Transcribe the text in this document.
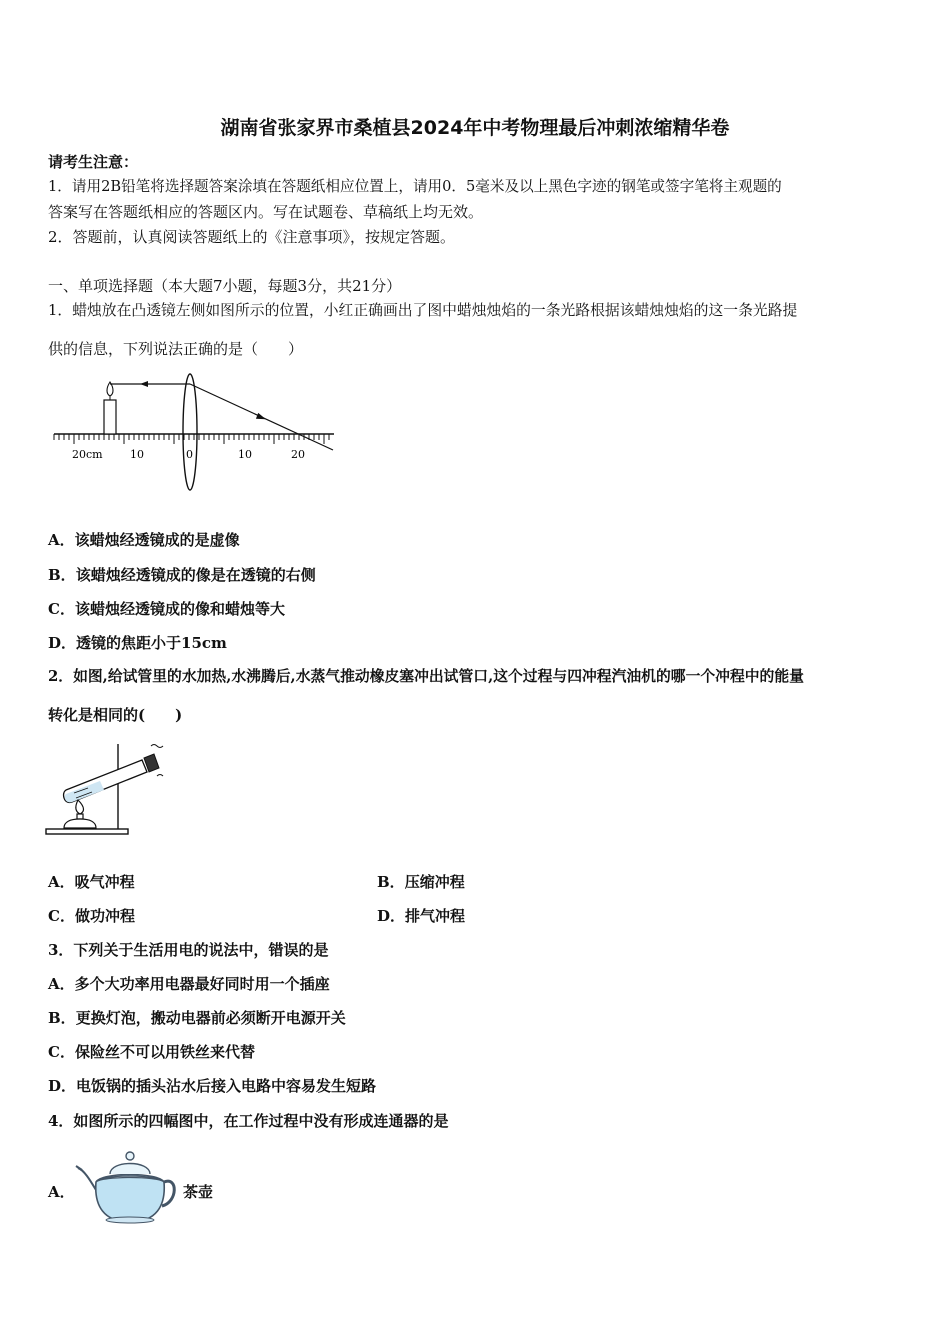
湖南省张家界市桑植县2024年中考物理最后冲刺浓缩精华卷
请考生注意：
1．请用2B铅笔将选择题答案涂填在答题纸相应位置上，请用0．5毫米及以上黑色字迹的钢笔或签字笔将主观题的
答案写在答题纸相应的答题区内。写在试题卷、草稿纸上均无效。
2．答题前，认真阅读答题纸上的《注意事项》，按规定答题。
一、单项选择题（本大题7小题，每题3分，共21分）
1．蜡烛放在凸透镜左侧如图所示的位置，小红正确画出了图中蜡烛烛焰的一条光路根据该蜡烛烛焰的这一条光路提
供的信息，下列说法正确的是（　　）
20cm 10	0	10	20
A．该蜡烛经透镜成的是虚像
B．该蜡烛经透镜成的像是在透镜的右侧
C．该蜡烛经透镜成的像和蜡烛等大
D．透镜的焦距小于15cm
2．如图,给试管里的水加热,水沸腾后,水蒸气推动橡皮塞冲出试管口,这个过程与四冲程汽油机的哪一个冲程中的能量
转化是相同的(　　)
A．吸气冲程	B．压缩冲程
C．做功冲程	D．排气冲程
3．下列关于生活用电的说法中，错误的是
A．多个大功率用电器最好同时用一个插座
B．更换灯泡，搬动电器前必须断开电源开关
C．保险丝不可以用铁丝来代替
D．电饭锅的插头沾水后接入电路中容易发生短路
4．如图所示的四幅图中，在工作过程中没有形成连通器的是
A．	茶壶
